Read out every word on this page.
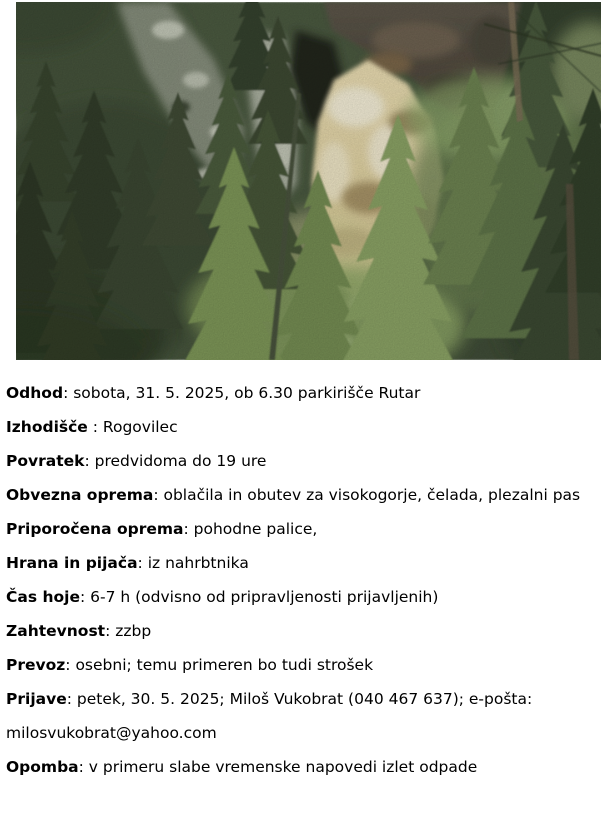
Odhod: sobota, 31. 5. 2025, ob 6.30 parkirišče Rutar

Izhodišče : Rogovilec

Povratek: predvidoma do 19 ure

Obvezna oprema: oblačila in obutev za visokogorje, čelada, plezalni pas

Priporočena oprema: pohodne palice,

Hrana in pijača: iz nahrbtnika

Čas hoje: 6-7 h (odvisno od pripravljenosti prijavljenih)

Zahtevnost: zzbp

Prevoz: osebni; temu primeren bo tudi strošek

Prijave: petek, 30. 5. 2025; Miloš Vukobrat (040 467 637); e-pošta: milosvukobrat@yahoo.com

Opomba: v primeru slabe vremenske napovedi izlet odpade
